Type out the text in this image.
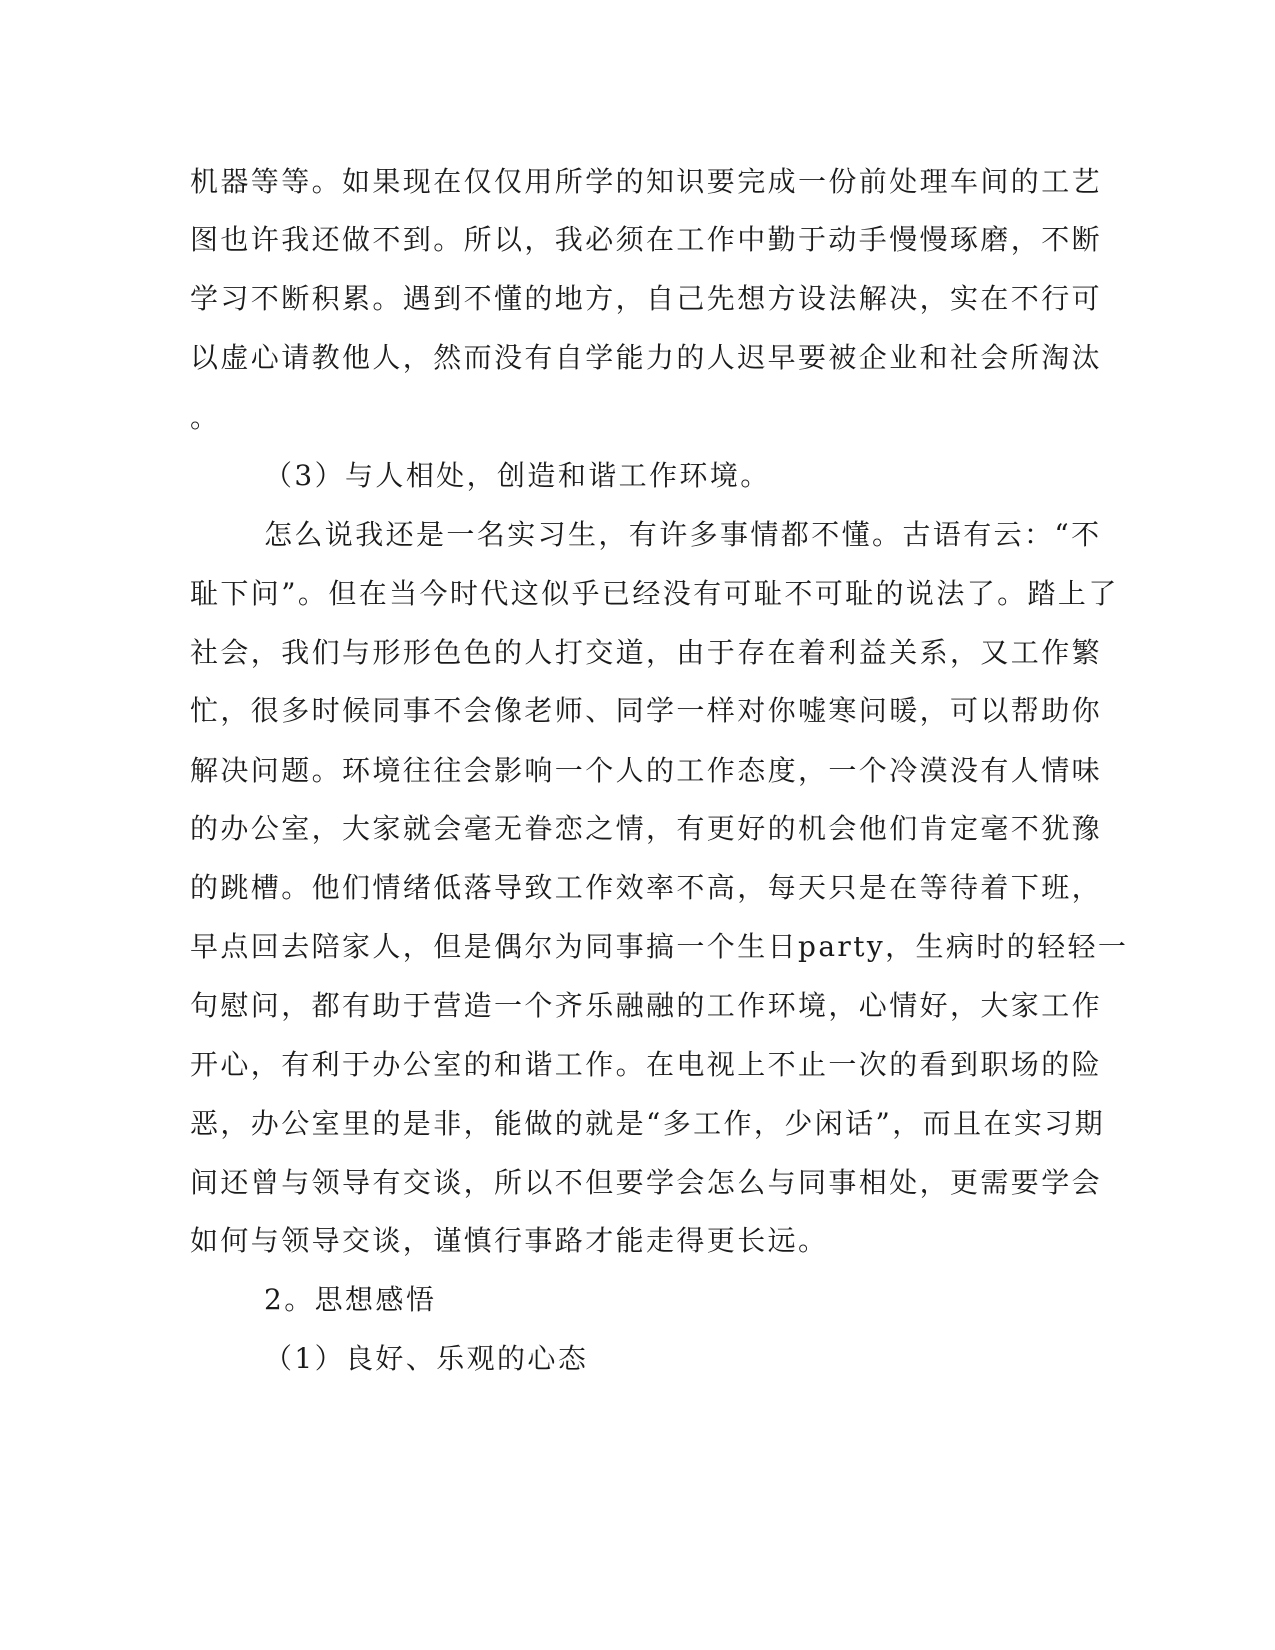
机器等等。如果现在仅仅用所学的知识要完成一份前处理车间的工艺
图也许我还做不到。所以，我必须在工作中勤于动手慢慢琢磨，不断
学习不断积累。遇到不懂的地方，自己先想方设法解决，实在不行可
以虚心请教他人，然而没有自学能力的人迟早要被企业和社会所淘汰
。
（3）与人相处，创造和谐工作环境。
怎么说我还是一名实习生，有许多事情都不懂。古语有云：“不
耻下问”。但在当今时代这似乎已经没有可耻不可耻的说法了。踏上了
社会，我们与形形色色的人打交道，由于存在着利益关系，又工作繁
忙，很多时候同事不会像老师、同学一样对你嘘寒问暖，可以帮助你
解决问题。环境往往会影响一个人的工作态度，一个冷漠没有人情味
的办公室，大家就会毫无眷恋之情，有更好的机会他们肯定毫不犹豫
的跳槽。他们情绪低落导致工作效率不高，每天只是在等待着下班，
早点回去陪家人，但是偶尔为同事搞一个生日party，生病时的轻轻一
句慰问，都有助于营造一个齐乐融融的工作环境，心情好，大家工作
开心，有利于办公室的和谐工作。在电视上不止一次的看到职场的险
恶，办公室里的是非，能做的就是“多工作，少闲话”，而且在实习期
间还曾与领导有交谈，所以不但要学会怎么与同事相处，更需要学会
如何与领导交谈，谨慎行事路才能走得更长远。
2。思想感悟
（1）良好、乐观的心态
